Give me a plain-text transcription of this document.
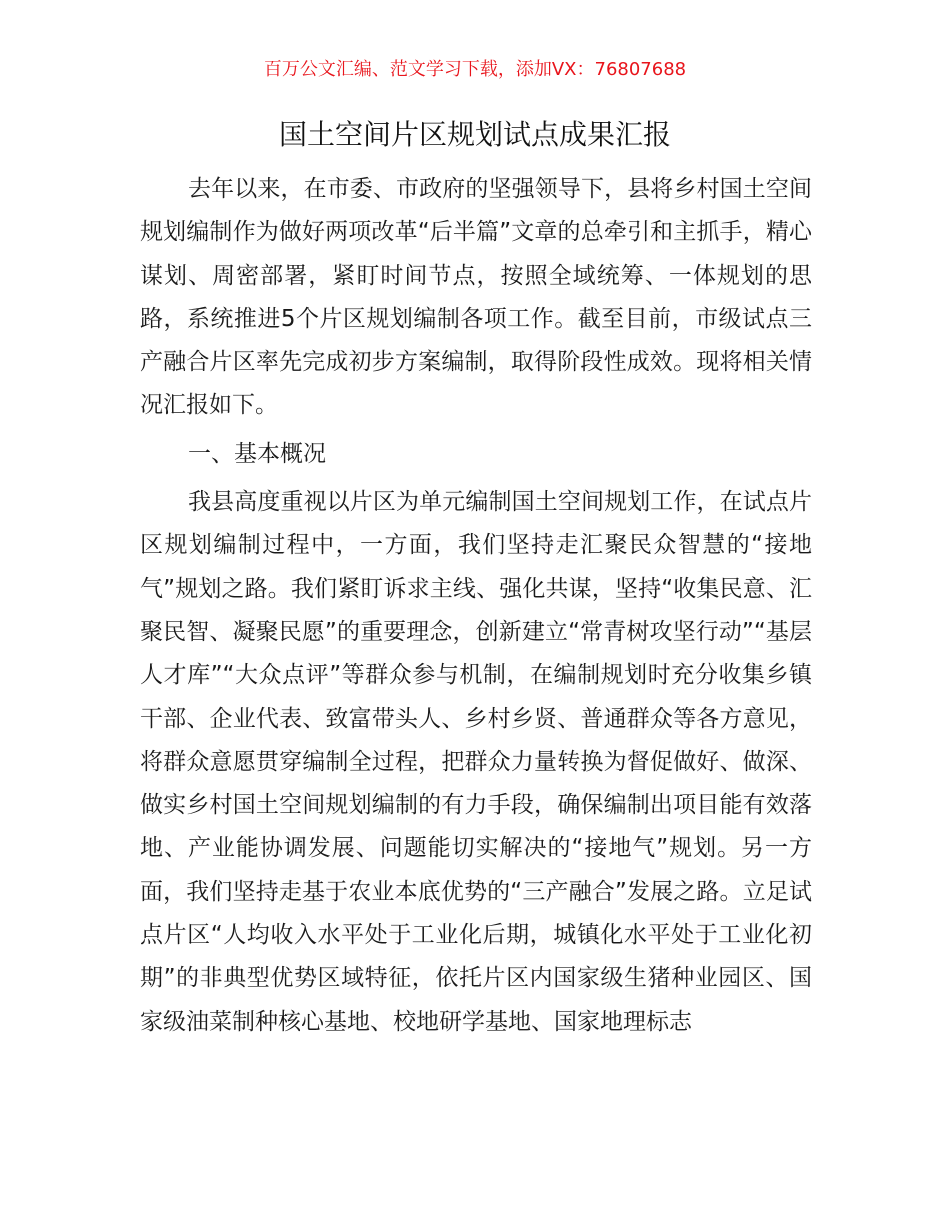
百万公文汇编、范文学习下载，添加VX：76807688
国土空间片区规划试点成果汇报

去年以来，在市委、市政府的坚强领导下，县将乡村国土空间规划编制作为做好两项改革“后半篇”文章的总牵引和主抓手，精心谋划、周密部署，紧盯时间节点，按照全域统筹、一体规划的思路，系统推进5个片区规划编制各项工作。截至目前，市级试点三产融合片区率先完成初步方案编制，取得阶段性成效。现将相关情况汇报如下。

一、基本概况

我县高度重视以片区为单元编制国土空间规划工作，在试点片区规划编制过程中，一方面，我们坚持走汇聚民众智慧的“接地气”规划之路。我们紧盯诉求主线、强化共谋，坚持“收集民意、汇聚民智、凝聚民愿”的重要理念，创新建立“常青树攻坚行动”“基层人才库”“大众点评”等群众参与机制，在编制规划时充分收集乡镇干部、企业代表、致富带头人、乡村乡贤、普通群众等各方意见，将群众意愿贯穿编制全过程，把群众力量转换为督促做好、做深、做实乡村国土空间规划编制的有力手段，确保编制出项目能有效落地、产业能协调发展、问题能切实解决的“接地气”规划。另一方面，我们坚持走基于农业本底优势的“三产融合”发展之路。立足试点片区“人均收入水平处于工业化后期，城镇化水平处于工业化初期”的非典型优势区域特征，依托片区内国家级生猪种业园区、国家级油菜制种核心基地、校地研学基地、国家地理标志
